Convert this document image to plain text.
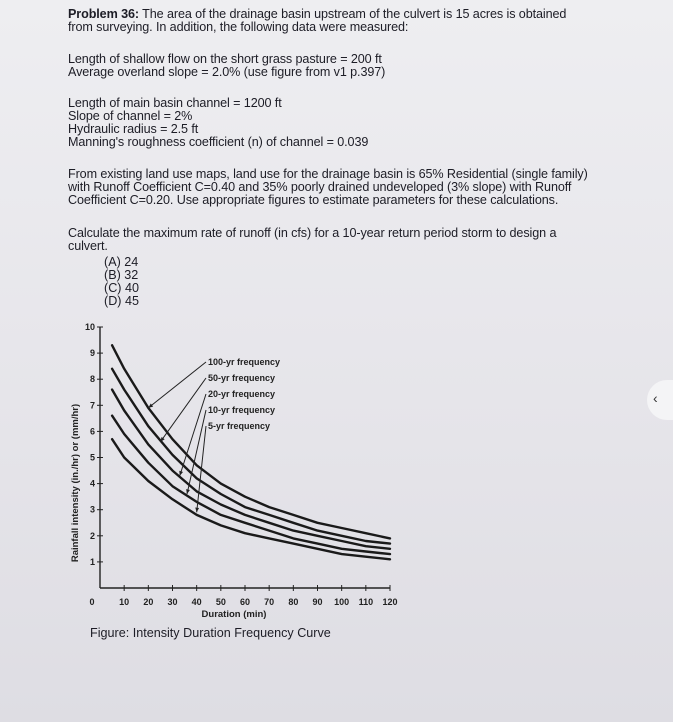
Problem 36: The area of the drainage basin upstream of the culvert is 15 acres is obtained
from surveying. In addition, the following data were measured:
Length of shallow flow on the short grass pasture = 200 ft
Average overland slope = 2.0% (use figure from v1 p.397)
Length of main basin channel = 1200 ft
Slope of channel = 2%
Hydraulic radius = 2.5 ft
Manning's roughness coefficient (n) of channel = 0.039
From existing land use maps, land use for the drainage basin is 65% Residential (single family)
with Runoff Coefficient C=0.40 and 35% poorly drained undeveloped (3% slope) with Runoff
Coefficient C=0.20. Use appropriate figures to estimate parameters for these calculations.
Calculate the maximum rate of runoff (in cfs) for a 10-year return period storm to design a
culvert.
(A) 24
(B) 32
(C) 40
(D) 45
Rainfall intensity (in./hr) or (mm/hr)
Duration (min)
1
2
3
4
5
6
7
8
9
10
0	10 20 30 40 50 60 70 80 90 100 110 120
100-yr frequency
50-yr frequency
20-yr frequency
10-yr frequency
5-yr frequency
Figure: Intensity Duration Frequency Curve
‹
